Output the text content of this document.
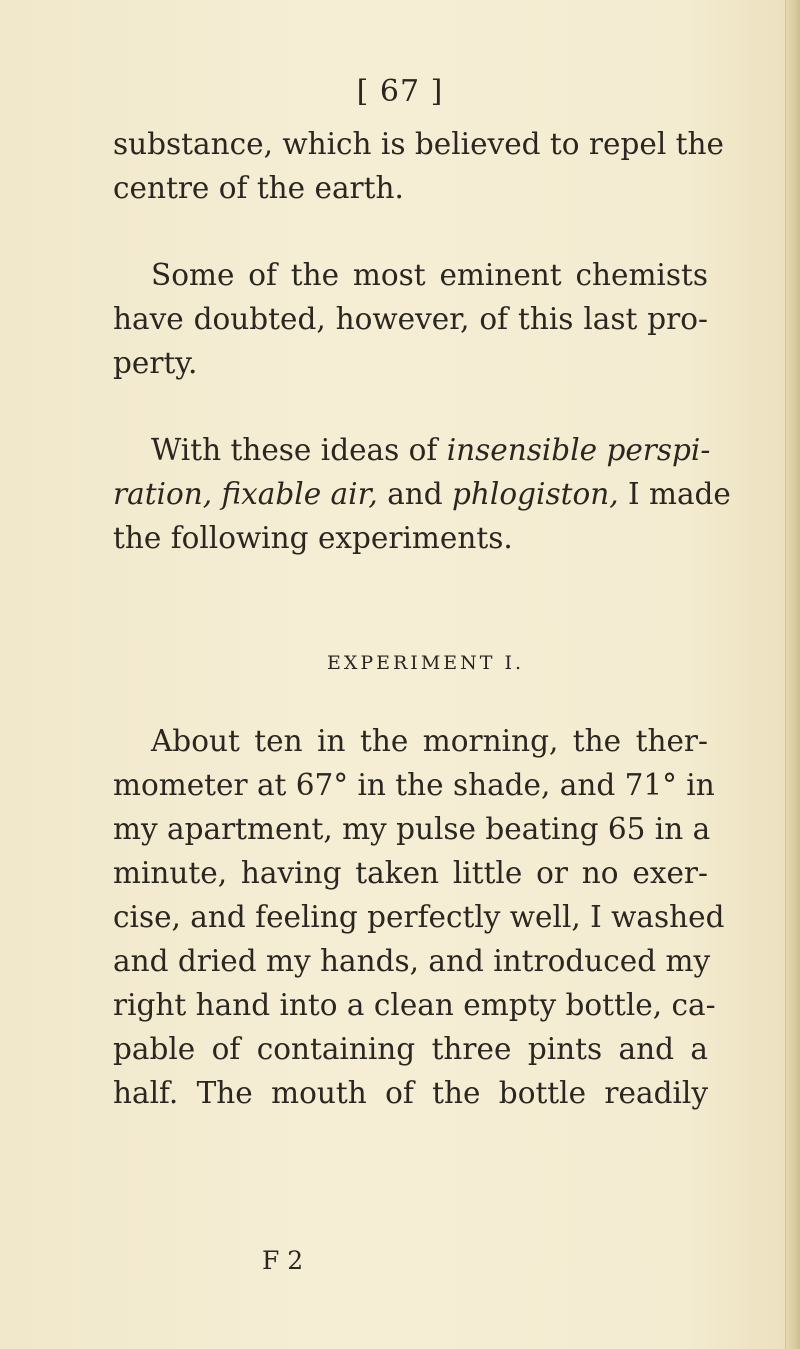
[ 67 ]
substance, which is believed to repel the
centre of the earth.
Some of the most eminent chemists
have doubted, however, of this last pro-
perty.
With these ideas of insensible perspi-
ration, fixable air, and phlogiston, I made
the following experiments.
EXPERIMENT I.
About ten in the morning, the ther-
mometer at 67° in the shade, and 71° in
my apartment, my pulse beating 65 in a
minute, having taken little or no exer-
cise, and feeling perfectly well, I washed
and dried my hands, and introduced my
right hand into a clean empty bottle, ca-
pable of containing three pints and a
half. The mouth of the bottle readily
F 2
